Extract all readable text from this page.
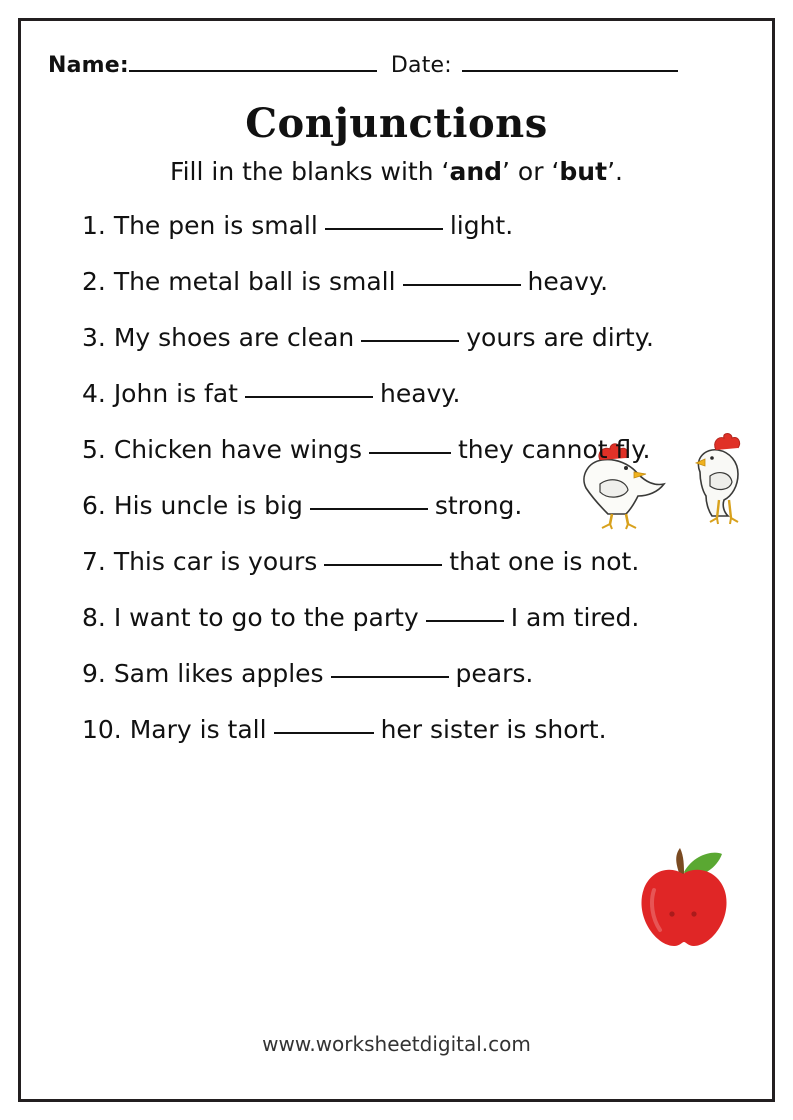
Name:	Date:
Conjunctions
Fill in the blanks with ‘and’ or ‘but’.
1. The pen is small	light.
2. The metal ball is small	heavy.
3. My shoes are clean	yours are dirty.
4. John is fat	heavy.
5. Chicken have wings	they cannot fly.
6. His uncle is big	strong.
7. This car is yours	that one is not.
8. I want to go to the party	I am tired.
9. Sam likes apples	pears.
10. Mary is tall	her sister is short.
www.worksheetdigital.com
